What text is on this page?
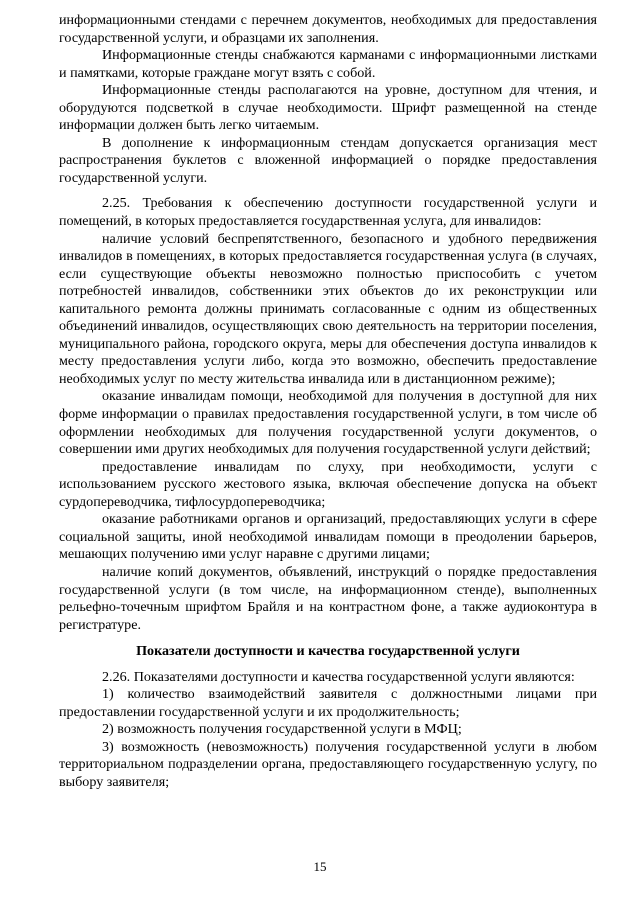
информационными стендами с перечнем документов, необходимых для предоставления государственной услуги, и образцами их заполнения.

Информационные стенды снабжаются карманами с информационными листками и памятками, которые граждане могут взять с собой.

Информационные стенды располагаются на уровне, доступном для чтения, и оборудуются подсветкой в случае необходимости. Шрифт размещенной на стенде информации должен быть легко читаемым.

В дополнение к информационным стендам допускается организация мест распространения буклетов с вложенной информацией о порядке предоставления государственной услуги.

2.25. Требования к обеспечению доступности государственной услуги и помещений, в которых предоставляется государственная услуга, для инвалидов:

наличие условий беспрепятственного, безопасного и удобного передвижения инвалидов в помещениях, в которых предоставляется государственная услуга (в случаях, если существующие объекты невозможно полностью приспособить с учетом потребностей инвалидов, собственники этих объектов до их реконструкции или капитального ремонта должны принимать согласованные с одним из общественных объединений инвалидов, осуществляющих свою деятельность на территории поселения, муниципального района, городского округа, меры для обеспечения доступа инвалидов к месту предоставления услуги либо, когда это возможно, обеспечить предоставление необходимых услуг по месту жительства инвалида или в дистанционном режиме);

оказание инвалидам помощи, необходимой для получения в доступной для них форме информации о правилах предоставления государственной услуги, в том числе об оформлении необходимых для получения государственной услуги документов, о совершении ими других необходимых для получения государственной услуги действий;

предоставление инвалидам по слуху, при необходимости, услуги с использованием русского жестового языка, включая обеспечение допуска на объект сурдопереводчика, тифлосурдопереводчика;

оказание работниками органов и организаций, предоставляющих услуги в сфере социальной защиты, иной необходимой инвалидам помощи в преодолении барьеров, мешающих получению ими услуг наравне с другими лицами;

наличие копий документов, объявлений, инструкций о порядке предоставления государственной услуги (в том числе, на информационном стенде), выполненных рельефно-точечным шрифтом Брайля и на контрастном фоне, а также аудиоконтура в регистратуре.

Показатели доступности и качества государственной услуги

2.26. Показателями доступности и качества государственной услуги являются:

1) количество взаимодействий заявителя с должностными лицами при предоставлении государственной услуги и их продолжительность;

2) возможность получения государственной услуги в МФЦ;

3) возможность (невозможность) получения государственной услуги в любом территориальном подразделении органа, предоставляющего государственную услугу, по выбору заявителя;

15
